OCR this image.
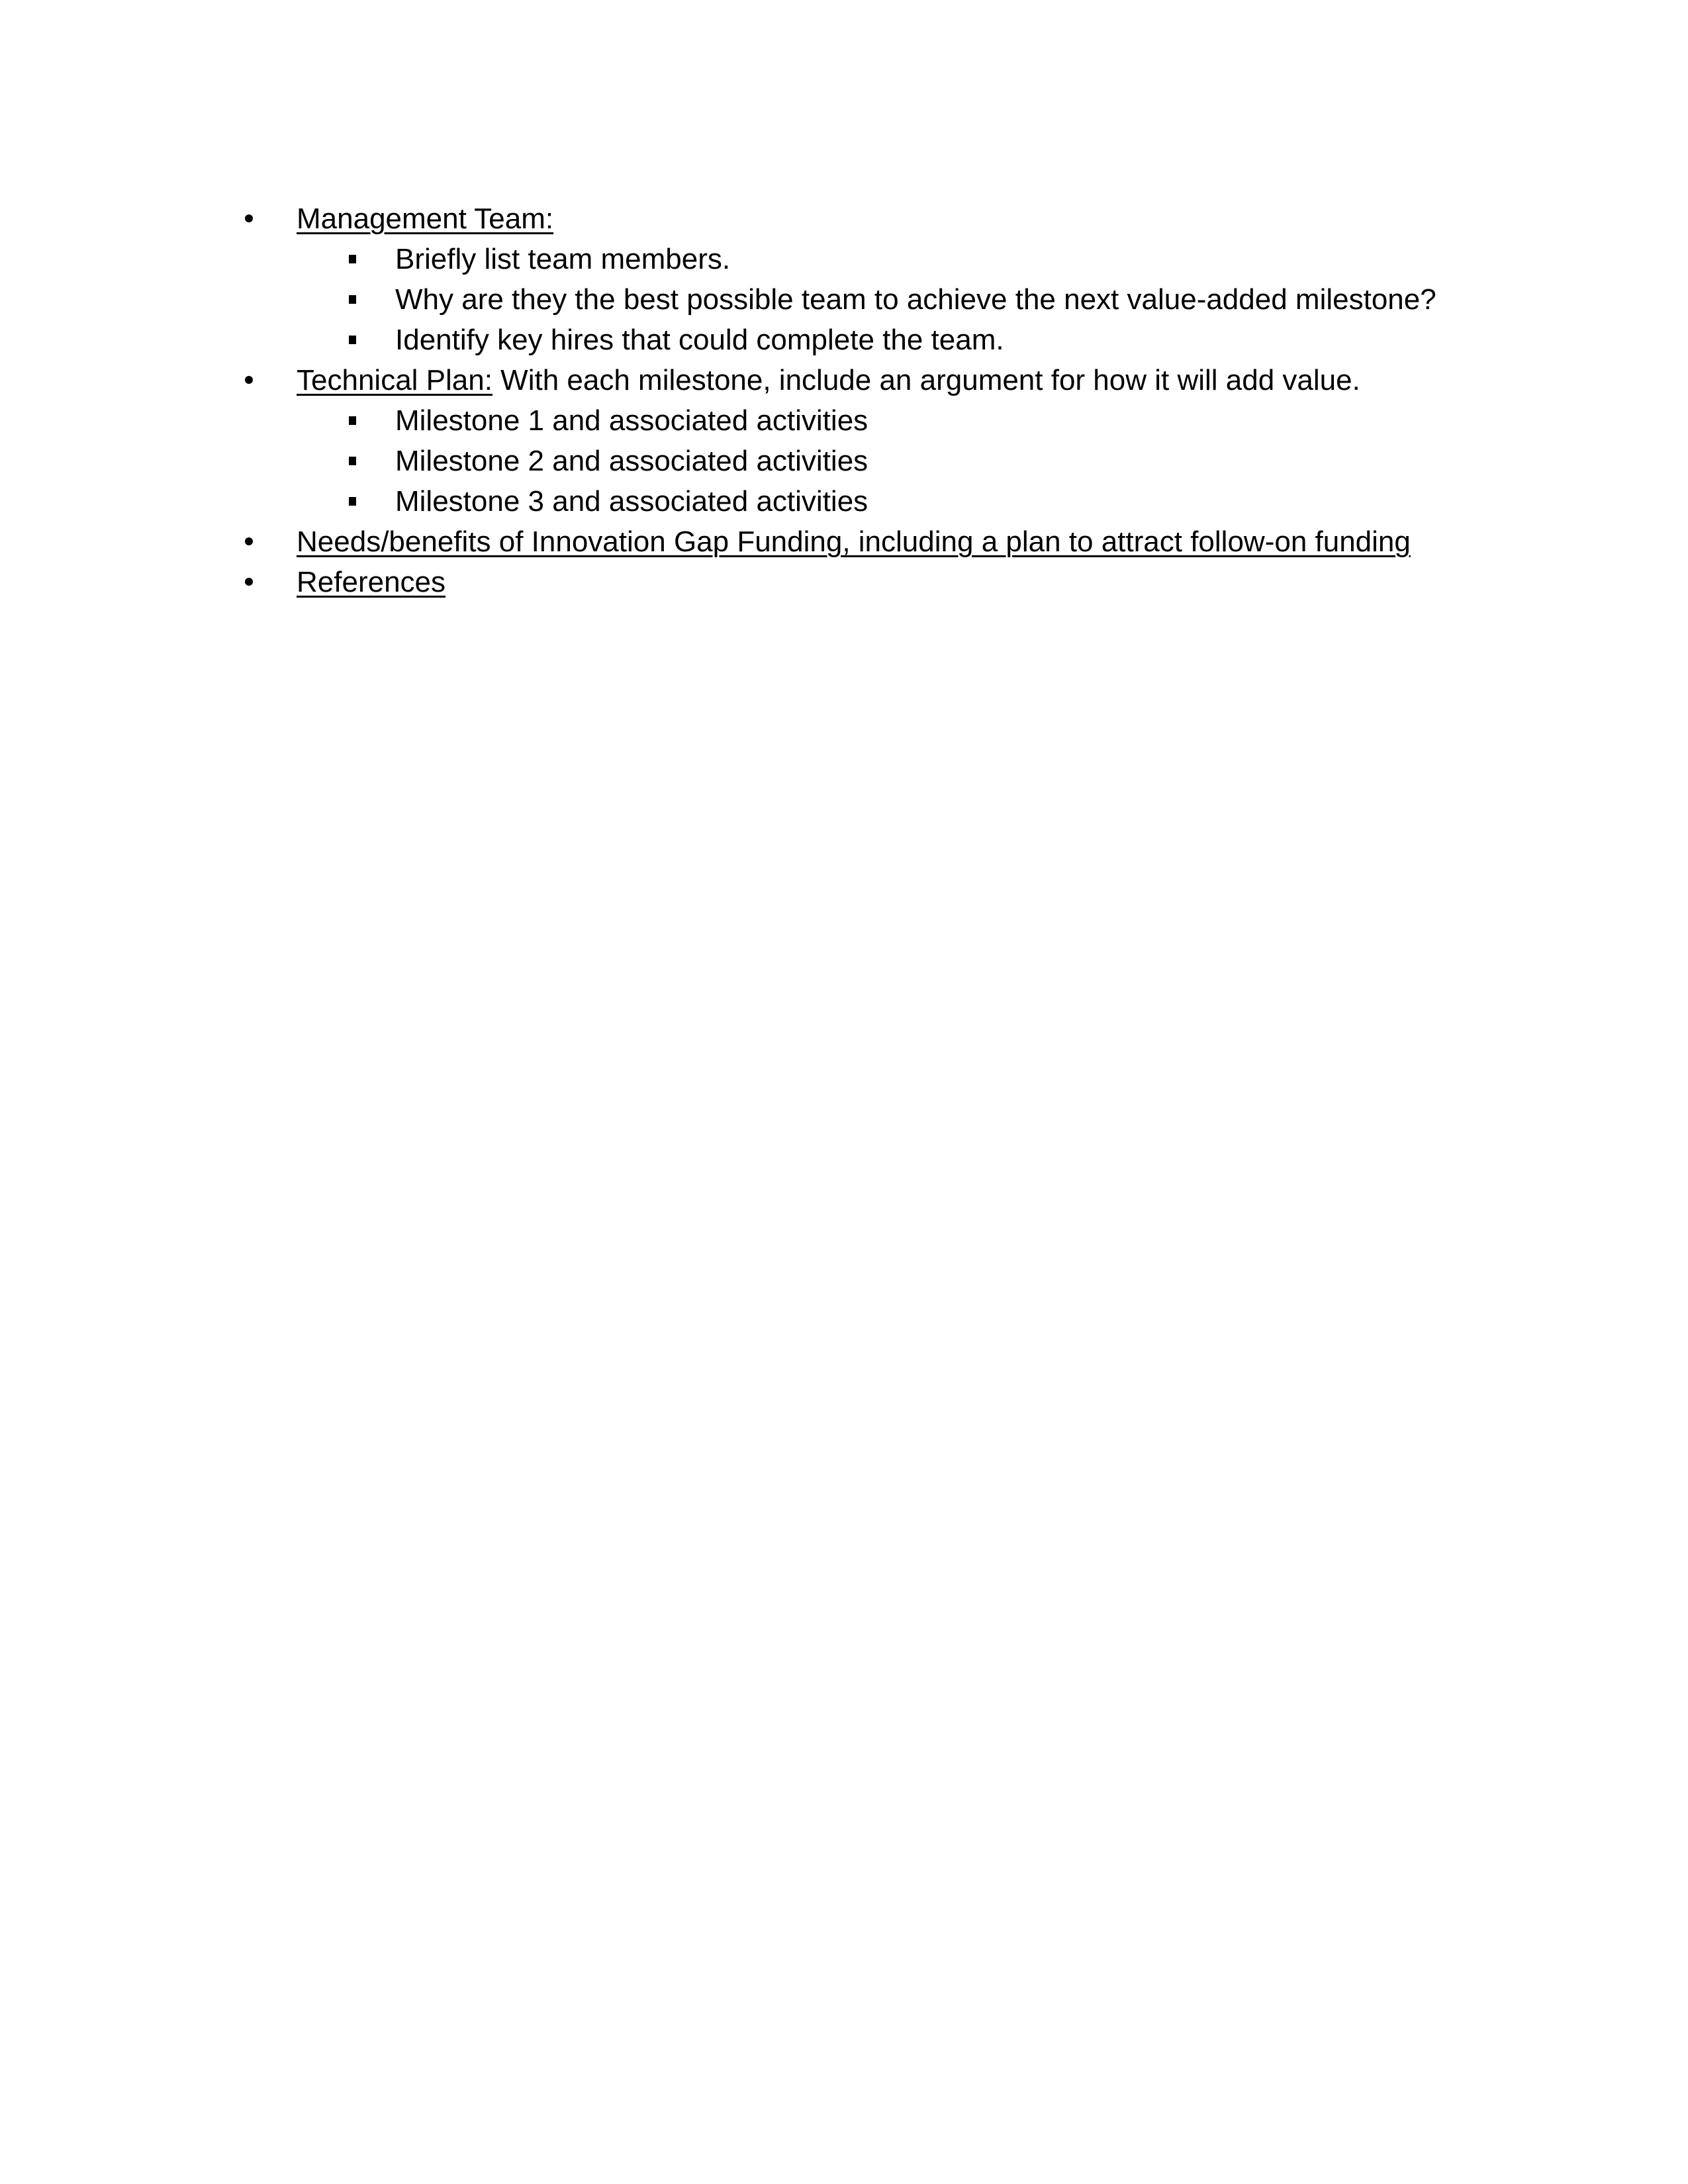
Management Team:
Briefly list team members.
Why are they the best possible team to achieve the next value-added milestone?
Identify key hires that could complete the team.
Technical Plan: With each milestone, include an argument for how it will add value.
Milestone 1 and associated activities
Milestone 2 and associated activities
Milestone 3 and associated activities
Needs/benefits of Innovation Gap Funding, including a plan to attract follow-on funding
References
